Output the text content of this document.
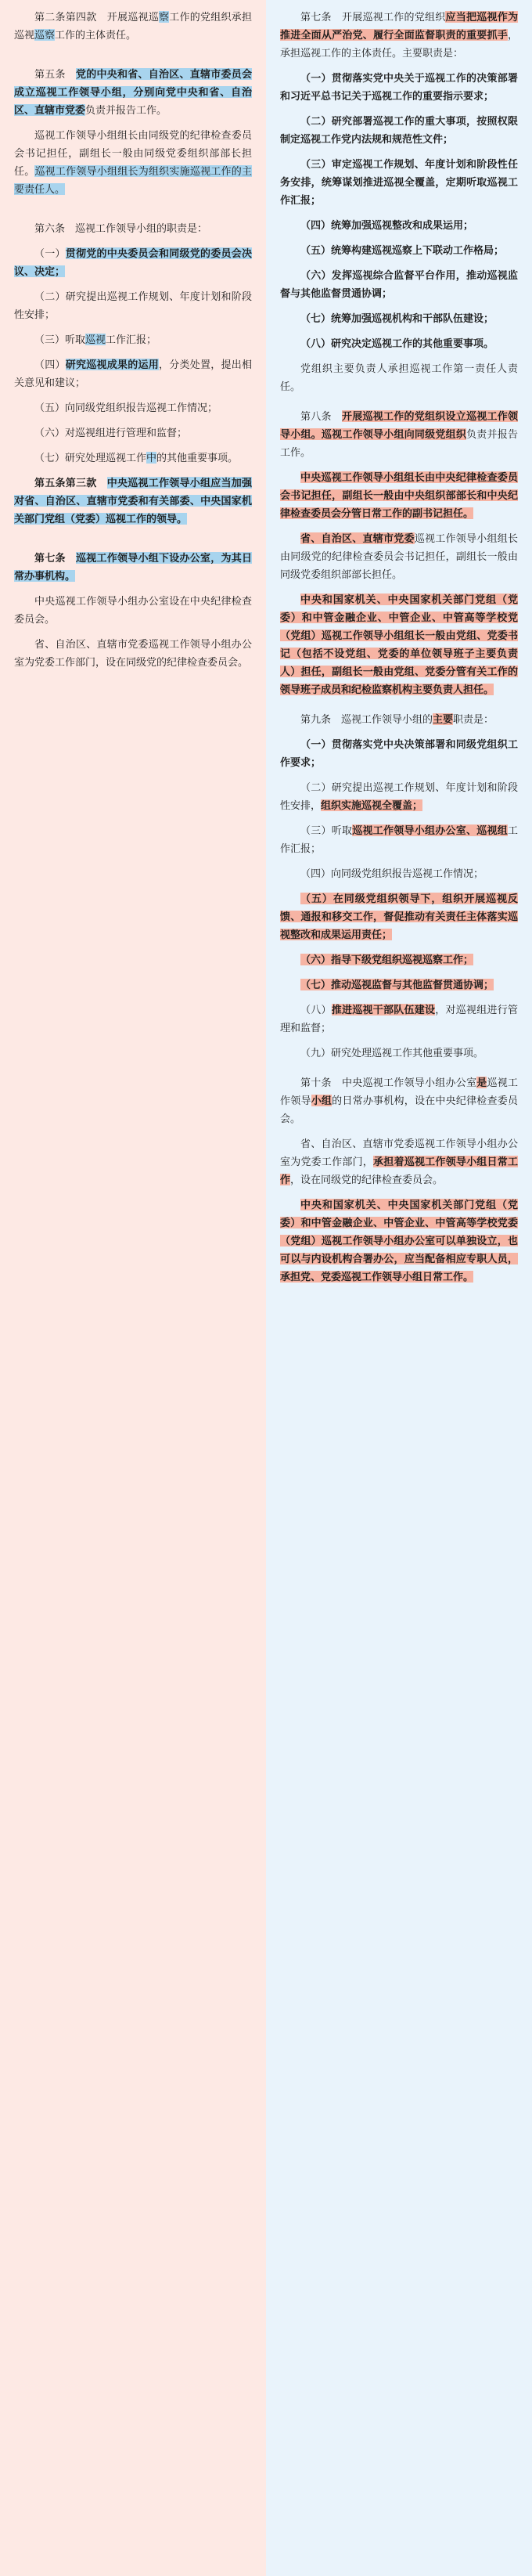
第二条第四款　开展巡视巡察工作的党组织承担巡视巡察工作的主体责任。

第五条　党的中央和省、自治区、直辖市委员会成立巡视工作领导小组，分别向党中央和省、自治区、直辖市党委负责并报告工作。

巡视工作领导小组组长由同级党的纪律检查委员会书记担任，副组长一般由同级党委组织部部长担任。巡视工作领导小组组长为组织实施巡视工作的主要责任人。

第六条　巡视工作领导小组的职责是：

（一）贯彻党的中央委员会和同级党的委员会决议、决定；

（二）研究提出巡视工作规划、年度计划和阶段性安排；

（三）听取巡视工作汇报；

（四）研究巡视成果的运用，分类处置，提出相关意见和建议；

（五）向同级党组织报告巡视工作情况；

（六）对巡视组进行管理和监督；

（七）研究处理巡视工作中的其他重要事项。

第五条第三款　中央巡视工作领导小组应当加强对省、自治区、直辖市党委和有关部委、中央国家机关部门党组（党委）巡视工作的领导。

第七条　巡视工作领导小组下设办公室，为其日常办事机构。

中央巡视工作领导小组办公室设在中央纪律检查委员会。

省、自治区、直辖市党委巡视工作领导小组办公室为党委工作部门，设在同级党的纪律检查委员会。

第七条　开展巡视工作的党组织应当把巡视作为推进全面从严治党、履行全面监督职责的重要抓手，承担巡视工作的主体责任。主要职责是：

（一）贯彻落实党中央关于巡视工作的决策部署和习近平总书记关于巡视工作的重要指示要求；

（二）研究部署巡视工作的重大事项，按照权限制定巡视工作党内法规和规范性文件；

（三）审定巡视工作规划、年度计划和阶段性任务安排，统筹谋划推进巡视全覆盖，定期听取巡视工作汇报；

（四）统筹加强巡视整改和成果运用；

（五）统筹构建巡视巡察上下联动工作格局；

（六）发挥巡视综合监督平台作用，推动巡视监督与其他监督贯通协调；

（七）统筹加强巡视机构和干部队伍建设；

（八）研究决定巡视工作的其他重要事项。

党组织主要负责人承担巡视工作第一责任人责任。

第八条　开展巡视工作的党组织设立巡视工作领导小组。巡视工作领导小组向同级党组织负责并报告工作。

中央巡视工作领导小组组长由中央纪律检查委员会书记担任，副组长一般由中央组织部部长和中央纪律检查委员会分管日常工作的副书记担任。

省、自治区、直辖市党委巡视工作领导小组组长由同级党的纪律检查委员会书记担任，副组长一般由同级党委组织部部长担任。

中央和国家机关、中央国家机关部门党组（党委）和中管金融企业、中管企业、中管高等学校党（党组）巡视工作领导小组组长一般由党组、党委书记（包括不设党组、党委的单位领导班子主要负责人）担任，副组长一般由党组、党委分管有关工作的领导班子成员和纪检监察机构主要负责人担任。

第九条　巡视工作领导小组的主要职责是：

（一）贯彻落实党中央决策部署和同级党组织工作要求；

（二）研究提出巡视工作规划、年度计划和阶段性安排，组织实施巡视全覆盖；

（三）听取巡视工作领导小组办公室、巡视组工作汇报；

（四）向同级党组织报告巡视工作情况；

（五）在同级党组织领导下，组织开展巡视反馈、通报和移交工作，督促推动有关责任主体落实巡视整改和成果运用责任；

（六）指导下级党组织巡视巡察工作；

（七）推动巡视监督与其他监督贯通协调；

（八）推进巡视干部队伍建设，对巡视组进行管理和监督；

（九）研究处理巡视工作其他重要事项。

第十条　中央巡视工作领导小组办公室是巡视工作领导小组的日常办事机构，设在中央纪律检查委员会。

省、自治区、直辖市党委巡视工作领导小组办公室为党委工作部门，承担着巡视工作领导小组日常工作，设在同级党的纪律检查委员会。

中央和国家机关、中央国家机关部门党组（党委）和中管金融企业、中管企业、中管高等学校党委（党组）巡视工作领导小组办公室可以单独设立，也可以与内设机构合署办公，应当配备相应专职人员，承担党、党委巡视工作领导小组日常工作。
